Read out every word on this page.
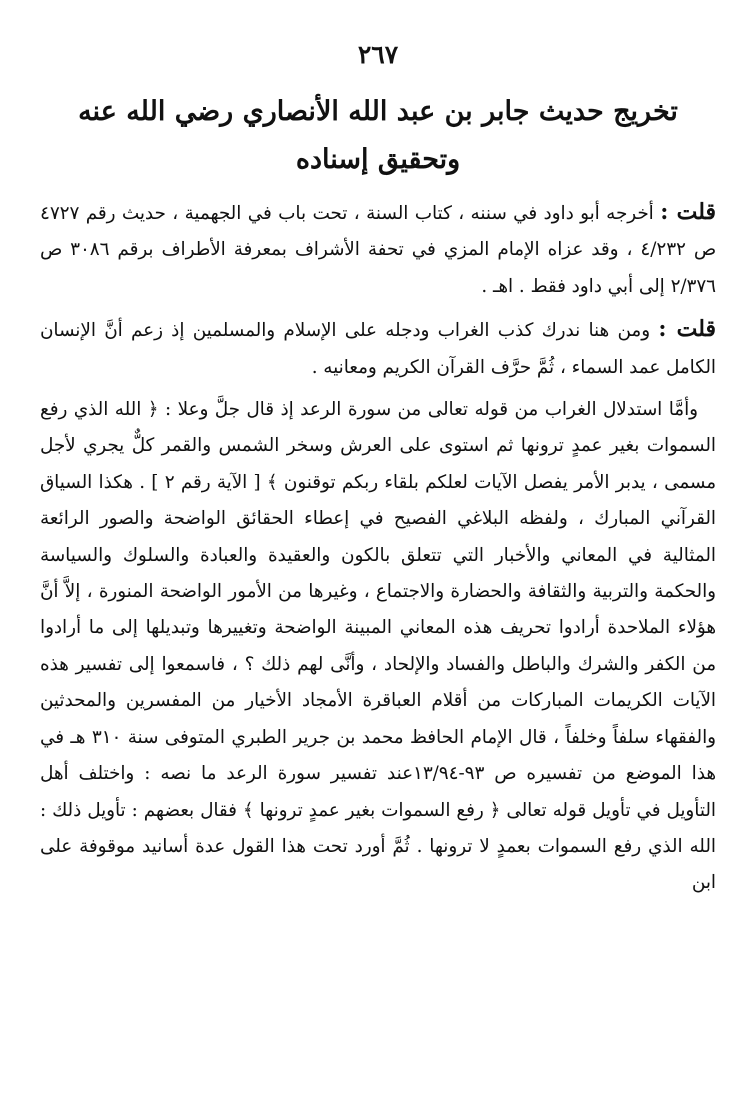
٢٦٧
تخريج حديث جابر بن عبد الله الأنصاري رضي الله عنه
وتحقيق إسناده

قلت : أخرجه أبو داود في سننه ، كتاب السنة ، تحت باب في الجهمية ، حديث رقم ٤٧٢٧ ص ٤/٢٣٢ ، وقد عزاه الإمام المزي في تحفة الأشراف بمعرفة الأطراف برقم ٣٠٨٦ ص ٢/٣٧٦ إلى أبي داود فقط . اهـ .

قلت : ومن هنا ندرك كذب الغراب ودجله على الإسلام والمسلمين إذ زعم أنَّ الإنسان الكامل عمد السماء ، ثُمَّ حرَّف القرآن الكريم ومعانيه .

وأمَّا استدلال الغراب من قوله تعالى من سورة الرعد إذ قال جلَّ وعلا : ﴿ الله الذي رفع السموات بغير عمدٍ ترونها ثم استوى على العرش وسخر الشمس والقمر كلٌّ يجري لأجل مسمى ، يدبر الأمر يفصل الآيات لعلكم بلقاء ربكم توقنون ﴾ [ الآية رقم ٢ ] . هكذا السياق القرآني المبارك ، ولفظه البلاغي الفصيح في إعطاء الحقائق الواضحة والصور الرائعة المثالية في المعاني والأخبار التي تتعلق بالكون والعقيدة والعبادة والسلوك والسياسة والحكمة والتربية والثقافة والحضارة والاجتماع ، وغيرها من الأمور الواضحة المنورة ، إلاَّ أنَّ هؤلاء الملاحدة أرادوا تحريف هذه المعاني المبينة الواضحة وتغييرها وتبديلها إلى ما أرادوا من الكفر والشرك والباطل والفساد والإلحاد ، وأنَّى لهم ذلك ؟ ، فاسمعوا إلى تفسير هذه الآيات الكريمات المباركات من أقلام العباقرة الأمجاد الأخيار من المفسرين والمحدثين والفقهاء سلفاً وخلفاً ، قال الإمام الحافظ محمد بن جرير الطبري المتوفى سنة ٣١٠ هـ في هذا الموضع من تفسيره ص ٩٣-١٣/٩٤عند تفسير سورة الرعد ما نصه : واختلف أهل التأويل في تأويل قوله تعالى ﴿ رفع السموات بغير عمدٍ ترونها ﴾ فقال بعضهم : تأويل ذلك : الله الذي رفع السموات بعمدٍ لا ترونها . ثُمَّ أورد تحت هذا القول عدة أسانيد موقوفة على ابن
